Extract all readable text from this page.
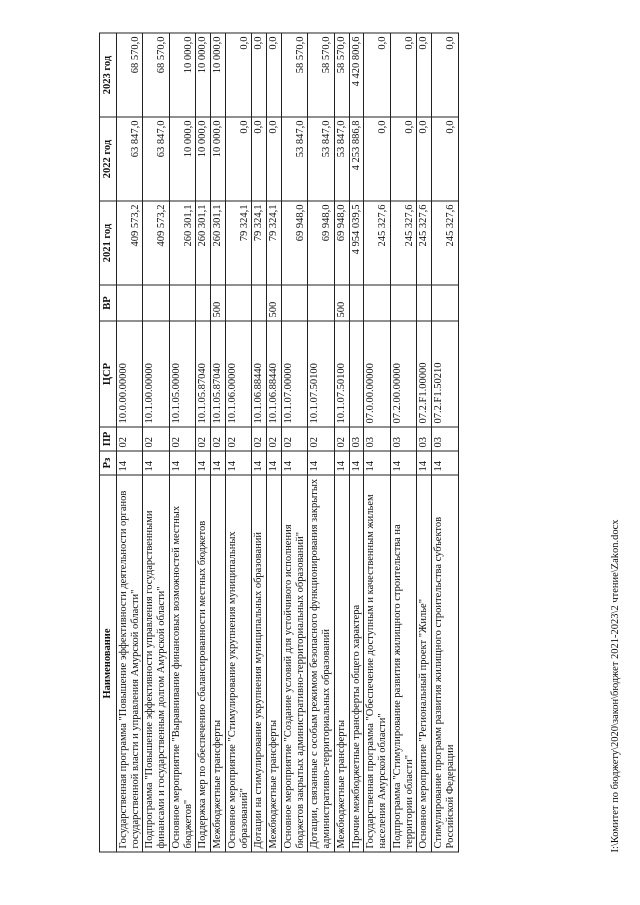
Наименование	Рз	ПР	ЦСР	ВР	2021 год	2022 год	2023 год
Государственная программа "Повышение эффективности деятельности органов государственной власти и управления Амурской области"	14	02	10.0.00.00000		409 573,2	63 847,0	68 570,0
Подпрограмма "Повышение эффективности управления государственными финансами и государственным долгом Амурской области"	14	02	10.1.00.00000		409 573,2	63 847,0	68 570,0
Основное мероприятие "Выравнивание финансовых возможностей местных бюджетов"	14	02	10.1.05.00000		260 301,1	10 000,0	10 000,0
Поддержка мер по обеспечению сбалансированности местных бюджетов	14	02	10.1.05.87040		260 301,1	10 000,0	10 000,0
Межбюджетные трансферты	14	02	10.1.05.87040	500	260 301,1	10 000,0	10 000,0
Основное мероприятие "Стимулирование укрупнения муниципальных образований"	14	02	10.1.06.00000		79 324,1	0,0	0,0
Дотации на стимулирование укрупнения муниципальных образований	14	02	10.1.06.88440		79 324,1	0,0	0,0
Межбюджетные трансферты	14	02	10.1.06.88440	500	79 324,1	0,0	0,0
Основное мероприятие "Создание условий для устойчивого исполнения бюджетов закрытых административно-территориальных образований"	14	02	10.1.07.00000		69 948,0	53 847,0	58 570,0
Дотации, связанные с особым режимом безопасного функционирования закрытых административно-территориальных образований	14	02	10.1.07.50100		69 948,0	53 847,0	58 570,0
Межбюджетные трансферты	14	02	10.1.07.50100	500	69 948,0	53 847,0	58 570,0
Прочие межбюджетные трансферты общего характера	14	03			4 954 039,5	4 253 886,8	4 420 800,6
Государственная программа "Обеспечение доступным и качественным жильем населения Амурской области"	14	03	07.0.00.00000		245 327,6	0,0	0,0
Подпрограмма "Стимулирование развития жилищного строительства на территории области"	14	03	07.2.00.00000		245 327,6	0,0	0,0
Основное мероприятие "Региональный проект "Жилье"	14	03	07.2.F1.00000		245 327,6	0,0	0,0
Стимулирование программ развития жилищного строительства субъектов Российской Федерации	14	03	07.2.F1.50210		245 327,6	0,0	0,0
I:\Комитет по бюджету\2020\закон\бюджет 2021-2023\2 чтение\Zakon.docx
